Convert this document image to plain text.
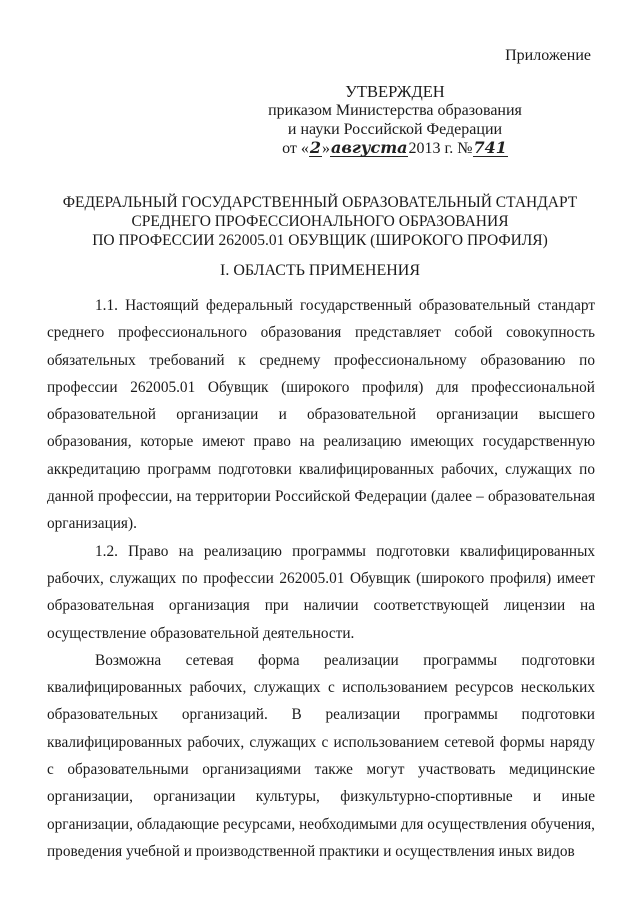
Приложение
УТВЕРЖДЕН
приказом Министерства образования
и науки Российской Федерации
от «2»августа2013 г. №741
ФЕДЕРАЛЬНЫЙ ГОСУДАРСТВЕННЫЙ ОБРАЗОВАТЕЛЬНЫЙ СТАНДАРТ
СРЕДНЕГО ПРОФЕССИОНАЛЬНОГО ОБРАЗОВАНИЯ
ПО ПРОФЕССИИ 262005.01 ОБУВЩИК (ШИРОКОГО ПРОФИЛЯ)
I. ОБЛАСТЬ ПРИМЕНЕНИЯ

1.1. Настоящий федеральный государственный образовательный стандарт среднего профессионального образования представляет собой совокупность обязательных требований к среднему профессиональному образованию по профессии 262005.01 Обувщик (широкого профиля) для профессиональной образовательной организации и образовательной организации высшего образования, которые имеют право на реализацию имеющих государственную аккредитацию программ подготовки квалифицированных рабочих, служащих по данной профессии, на территории Российской Федерации (далее – образовательная организация).

1.2. Право на реализацию программы подготовки квалифицированных рабочих, служащих по профессии 262005.01 Обувщик (широкого профиля) имеет образовательная организация при наличии соответствующей лицензии на осуществление образовательной деятельности.

Возможна сетевая форма реализации программы подготовки квалифицированных рабочих, служащих с использованием ресурсов нескольких образовательных организаций. В реализации программы подготовки квалифицированных рабочих, служащих с использованием сетевой формы наряду с образовательными организациями также могут участвовать медицинские организации, организации культуры, физкультурно-спортивные и иные организации, обладающие ресурсами, необходимыми для осуществления обучения, проведения учебной и производственной практики и осуществления иных видов
